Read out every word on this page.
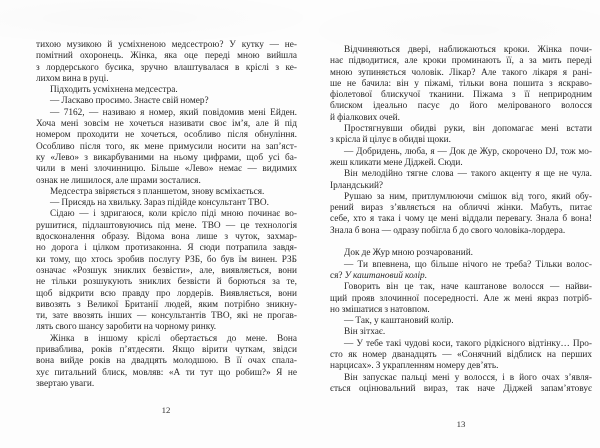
тихою музикою й усміхненою медсестрою? У кутку — не-
помітний охоронець. Жінка, яка оце переді мною вийшла
з лордерського бусика, зручно влаштувалася в кріслі з ке-
лихом вина в руці.
Підходить усміхнена медсестра.
— Ласкаво просимо. Знаєте свій номер?
— 7162, — називаю я номер, який повідомив мені Ейден.
Хоча мені зовсім не хочеться називати своє ім’я, але й під
номером проходити не хочеться, особливо після обнуління.
Особливо після того, як мене примусили носити на зап’яст-
ку «Лево» з викарбуваними на ньому цифрами, щоб усі ба-
чили в мені злочинницю. Більше «Лево» немає — видимих
ознак не лишилося, але шрами зосталися.
Медсестра звіряється з планшетом, знову всміхається.
— Присядь на хвильку. Зараз підійде консультант ТВО.
Сідаю — і здригаюся, коли крісло піді мною починає во-
рушитися, підлаштовуючись під мене. ТВО — це технологія
вдосконалення образу. Відома вона лише з чуток, захмар-
но дорога і цілком протизаконна. Я сюди потрапила завдя-
ки тому, що хтось зробив послугу РЗБ, бо був їм винен. РЗБ
означає «Розшук зниклих безвісти», але, виявляється, вони
не тільки розшукують зниклих безвісти й борються за те,
щоб відкрити всю правду про лордерів. Виявляється, вони
вивозять з Великої Британії людей, яким потрібно зникну-
ти, зате ввозять інших — консультантів ТВО, які не прогав-
лять свого шансу заробити на чорному ринку.
Жінка в іншому кріслі обертається до мене. Вона
приваблива, років п’ятдесяти. Якщо вірити чуткам, звідси
вона вийде років на двадцять молодшою. В її очах спала-
хує питальний блиск, мовляв: «А ти тут що робиш?» Я не
звертаю уваги.
Відчиняються двері, наближаються кроки. Жінка почи-
нає підводитися, але кроки проминають її, а за мить переді
мною зупиняється чоловік. Лікар? Але такого лікаря я рані-
ше не бачила: він у піжамі, тільки вона пошита з яскраво-
фіолетової блискучої тканини. Піжама з її неприродним
блиском ідеально пасує до його мелірованого волосся
й фіалкових очей.
Простягнувши обидві руки, він допомагає мені встати
з крісла й цілує в обидві щоки.
— Добридень, люба, я — Док де Жур, скорочено DJ, тож мо-
жеш кликати мене Діджей. Сюди.
Він мелодійно тягне слова — такого акценту я ще не чула.
Ірландський?
Рушаю за ним, притлумлюючи смішок від того, який обу-
рений вираз з’являється на обличчі жінки. Мабуть, питає
себе, хто я така і чому це мені віддали перевагу. Знала б вона!
Знала б вона — одразу побігла б до свого чоловіка-лордера.
Док де Жур мною розчарований.
— Ти впевнена, що більше нічого не треба? Тільки волос-
ся? У каштановий колір.
Говорить він це так, наче каштанове волосся — найви-
щий прояв злочинної посередності. Але ж мені якраз потріб-
но змішатися з натовпом.
— Так, у каштановий колір.
Він зітхає.
— У тебе такі чудові коси, такого рідкісного відтінку… Про-
сто як номер дванадцять — «Сонячний відблиск на перших
нарцисах». З украпленням номеру дев’ять.
Він запускає пальці мені у волосся, і в його очах з’явля-
ється оцінювальний вираз, так наче Діджей запам’ятовує
12
13
